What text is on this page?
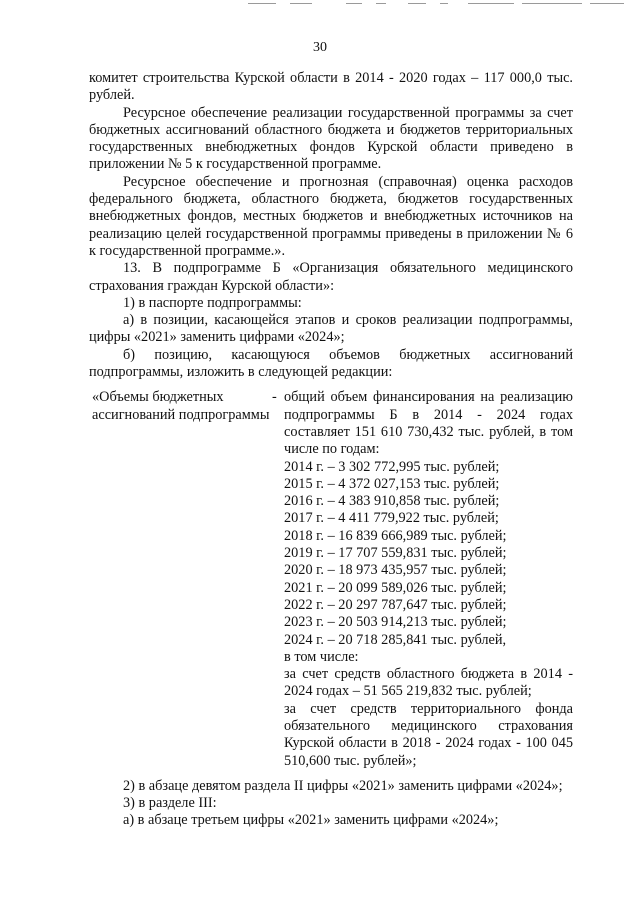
30

комитет строительства Курской области в 2014 - 2020 годах – 117 000,0 тыс. рублей.

Ресурсное обеспечение реализации государственной программы за счет бюджетных ассигнований областного бюджета и бюджетов территориальных государственных внебюджетных фондов Курской области приведено в приложении № 5 к государственной программе.

Ресурсное обеспечение и прогнозная (справочная) оценка расходов федерального бюджета, областного бюджета, бюджетов государственных внебюджетных фондов, местных бюджетов и внебюджетных источников на реализацию целей государственной программы приведены в приложении № 6 к государственной программе.».

13. В подпрограмме Б «Организация обязательного медицинского страхования граждан Курской области»:

1) в паспорте подпрограммы:

а) в позиции, касающейся этапов и сроков реализации подпрограммы, цифры «2021» заменить цифрами «2024»;

б) позицию, касающуюся объемов бюджетных ассигнований подпрограммы, изложить в следующей редакции:

«Объемы бюджетных ассигнований подпрограммы
- общий объем финансирования на реализацию подпрограммы Б в 2014 - 2024 годах составляет 151 610 730,432 тыс. рублей, в том числе по годам:

2014 г. – 3 302 772,995 тыс. рублей;
2015 г. – 4 372 027,153 тыс. рублей;
2016 г. – 4 383 910,858 тыс. рублей;
2017 г. – 4 411 779,922 тыс. рублей;
2018 г. – 16 839 666,989 тыс. рублей;
2019 г. – 17 707 559,831 тыс. рублей;
2020 г. – 18 973 435,957 тыс. рублей;
2021 г. – 20 099 589,026 тыс. рублей;
2022 г. – 20 297 787,647 тыс. рублей;
2023 г. – 20 503 914,213 тыс. рублей;
2024 г. – 20 718 285,841 тыс. рублей,
в том числе:

за счет средств областного бюджета в 2014 - 2024 годах – 51 565 219,832 тыс. рублей;

за счет средств территориального фонда обязательного медицинского страхования Курской области в 2018 - 2024 годах - 100 045 510,600 тыс. рублей»;

2) в абзаце девятом раздела II цифры «2021» заменить цифрами «2024»;

3) в разделе III:

а) в абзаце третьем цифры «2021» заменить цифрами «2024»;
